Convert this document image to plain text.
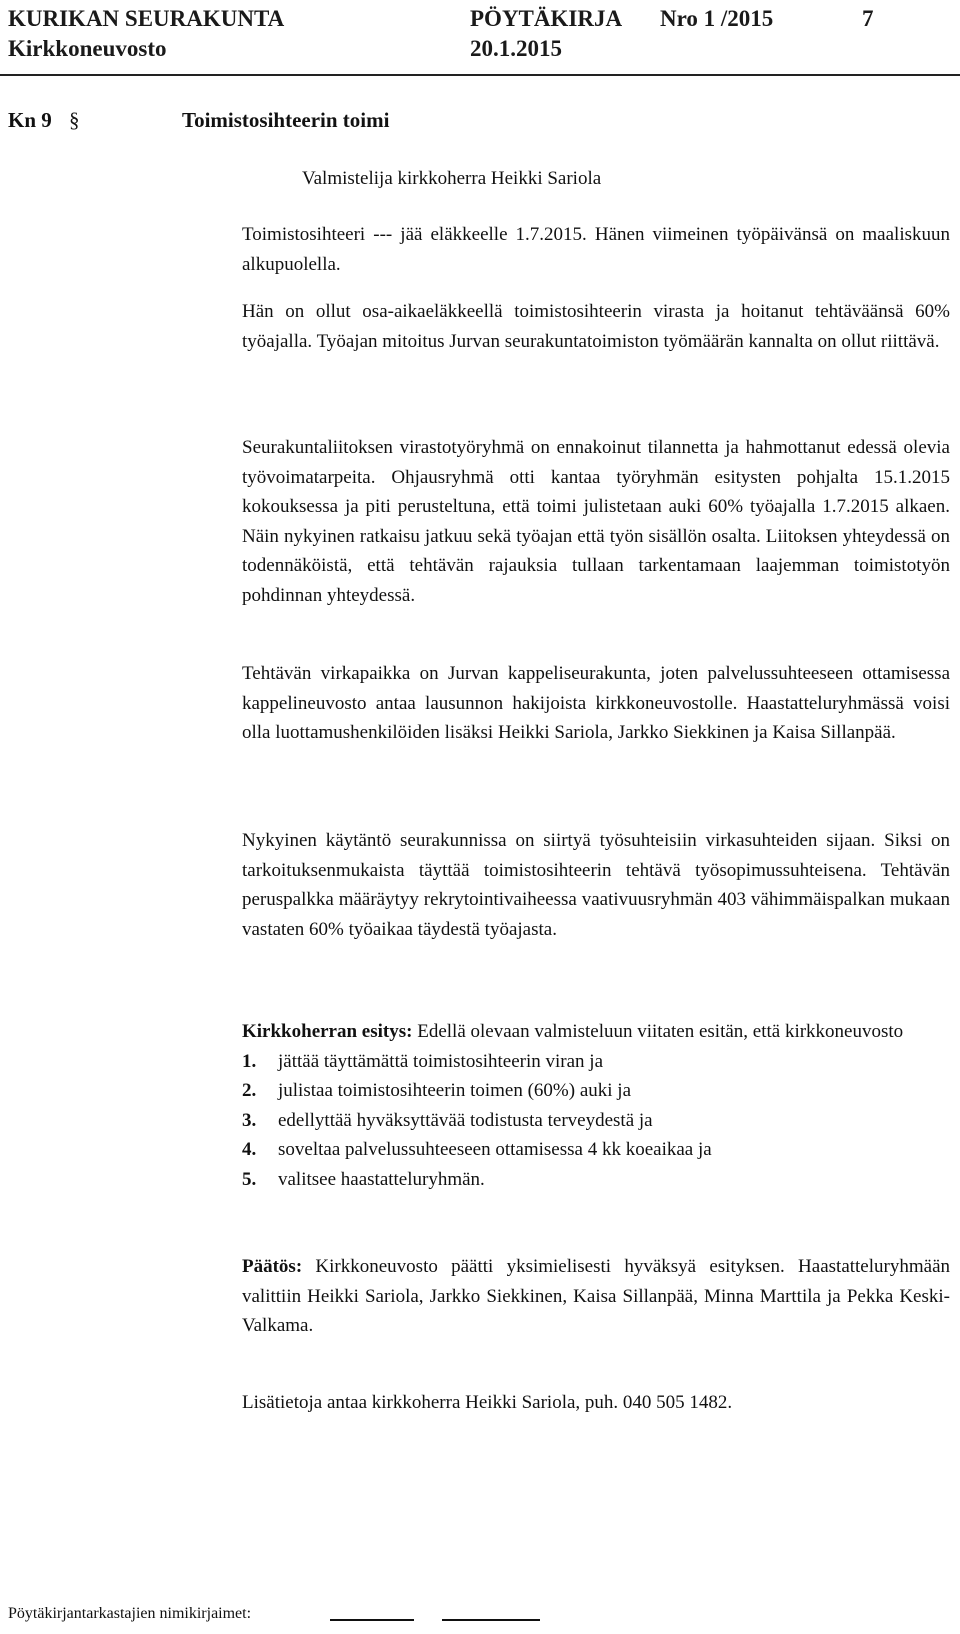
KURIKAN SEURAKUNTA	PÖYTÄKIRJA Nro 1 /2015	7
Kirkkoneuvosto	20.1.2015
Kn 9 §	Toimistosihteerin toimi
Valmistelija kirkkoherra Heikki Sariola

Toimistosihteeri --- jää eläkkeelle 1.7.2015. Hänen viimeinen työpäivänsä on maaliskuun alkupuolella.

Hän on ollut osa-aikaeläkkeellä toimistosihteerin virasta ja hoitanut tehtäväänsä 60% työajalla. Työajan mitoitus Jurvan seurakuntatoimiston työmäärän kannalta on ollut riittävä.

Seurakuntaliitoksen virastotyöryhmä on ennakoinut tilannetta ja hahmottanut edessä olevia työvoimatarpeita. Ohjausryhmä otti kantaa työryhmän esitysten pohjalta 15.1.2015 kokouksessa ja piti perusteltuna, että toimi julistetaan auki 60% työajalla 1.7.2015 alkaen. Näin nykyinen ratkaisu jatkuu sekä työajan että työn sisällön osalta. Liitoksen yhteydessä on todennäköistä, että tehtävän rajauksia tullaan tarkentamaan laajemman toimistotyön pohdinnan yhteydessä.

Tehtävän virkapaikka on Jurvan kappeliseurakunta, joten palvelussuhteeseen ottamisessa kappelineuvosto antaa lausunnon hakijoista kirkkoneuvostolle. Haastatteluryhmässä voisi olla luottamushenkilöiden lisäksi Heikki Sariola, Jarkko Siekkinen ja Kaisa Sillanpää.

Nykyinen käytäntö seurakunnissa on siirtyä työsuhteisiin virkasuhteiden sijaan. Siksi on tarkoituksenmukaista täyttää toimistosihteerin tehtävä työsopimussuhteisena. Tehtävän peruspalkka määräytyy rekrytointivaiheessa vaativuusryhmän 403 vähimmäispalkan mukaan vastaten 60% työaikaa täydestä työajasta.

Kirkkoherran esitys: Edellä olevaan valmisteluun viitaten esitän, että kirkkoneuvosto

1. jättää täyttämättä toimistosihteerin viran ja
2. julistaa toimistosihteerin toimen (60%) auki ja
3. edellyttää hyväksyttävää todistusta terveydestä ja
4. soveltaa palvelussuhteeseen ottamisessa 4 kk koeaikaa ja
5. valitsee haastatteluryhmän.

Päätös: Kirkkoneuvosto päätti yksimielisesti hyväksyä esityksen. Haastatteluryhmään valittiin Heikki Sariola, Jarkko Siekkinen, Kaisa Sillanpää, Minna Marttila ja Pekka Keski-Valkama.

Lisätietoja antaa kirkkoherra Heikki Sariola, puh. 040 505 1482.

Pöytäkirjantarkastajien nimikirjaimet:
